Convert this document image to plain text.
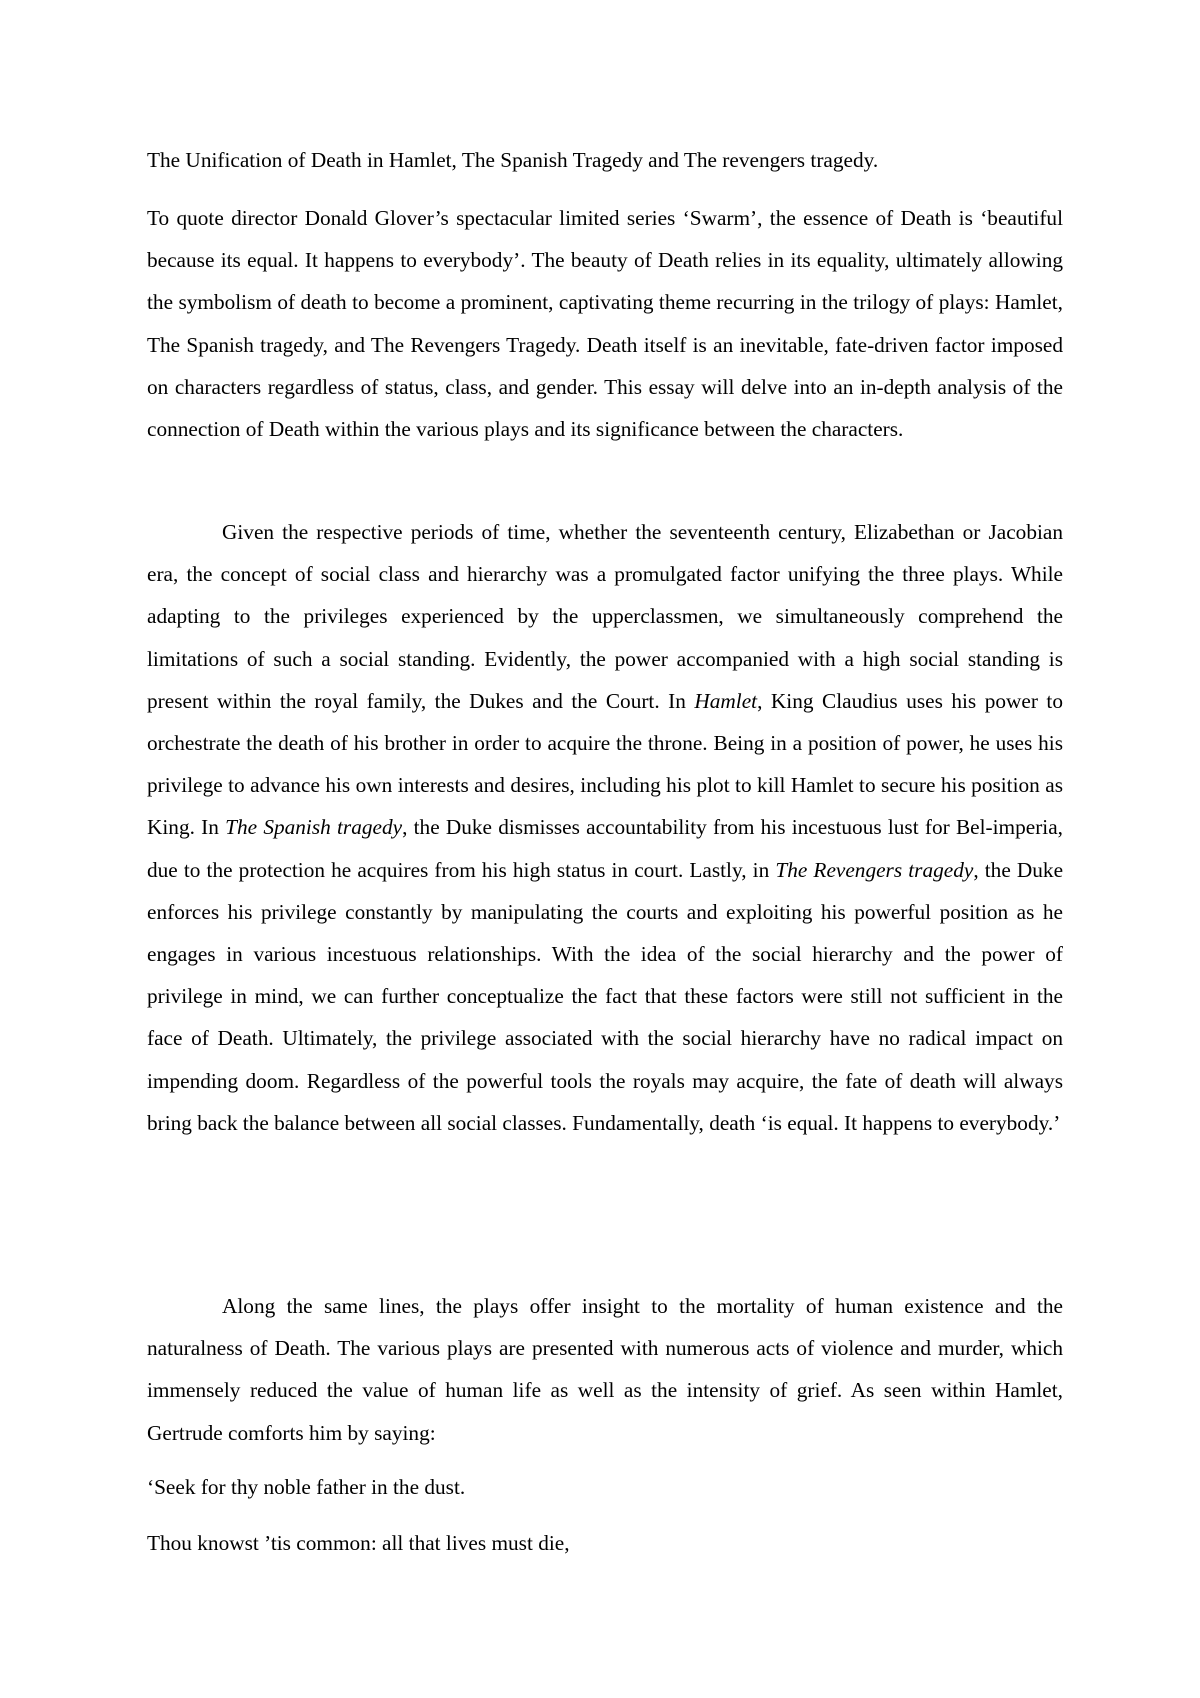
The Unification of Death in Hamlet, The Spanish Tragedy and The revengers tragedy.
To quote director Donald Glover’s spectacular limited series ‘Swarm’, the essence of Death is ‘beautiful because its equal. It happens to everybody’. The beauty of Death relies in its equality, ultimately allowing the symbolism of death to become a prominent, captivating theme recurring in the trilogy of plays: Hamlet, The Spanish tragedy, and The Revengers Tragedy. Death itself is an inevitable, fate-driven factor imposed on characters regardless of status, class, and gender. This essay will delve into an in-depth analysis of the connection of Death within the various plays and its significance between the characters.
Given the respective periods of time, whether the seventeenth century, Elizabethan or Jacobian era, the concept of social class and hierarchy was a promulgated factor unifying the three plays. While adapting to the privileges experienced by the upperclassmen, we simultaneously comprehend the limitations of such a social standing. Evidently, the power accompanied with a high social standing is present within the royal family, the Dukes and the Court. In Hamlet, King Claudius uses his power to orchestrate the death of his brother in order to acquire the throne. Being in a position of power, he uses his privilege to advance his own interests and desires, including his plot to kill Hamlet to secure his position as King. In The Spanish tragedy, the Duke dismisses accountability from his incestuous lust for Bel-imperia, due to the protection he acquires from his high status in court. Lastly, in The Revengers tragedy, the Duke enforces his privilege constantly by manipulating the courts and exploiting his powerful position as he engages in various incestuous relationships. With the idea of the social hierarchy and the power of privilege in mind, we can further conceptualize the fact that these factors were still not sufficient in the face of Death. Ultimately, the privilege associated with the social hierarchy have no radical impact on impending doom. Regardless of the powerful tools the royals may acquire, the fate of death will always bring back the balance between all social classes. Fundamentally, death ‘is equal. It happens to everybody.’
Along the same lines, the plays offer insight to the mortality of human existence and the naturalness of Death. The various plays are presented with numerous acts of violence and murder, which immensely reduced the value of human life as well as the intensity of grief. As seen within Hamlet, Gertrude comforts him by saying:
‘Seek for thy noble father in the dust.
Thou knowst ’tis common: all that lives must die,
